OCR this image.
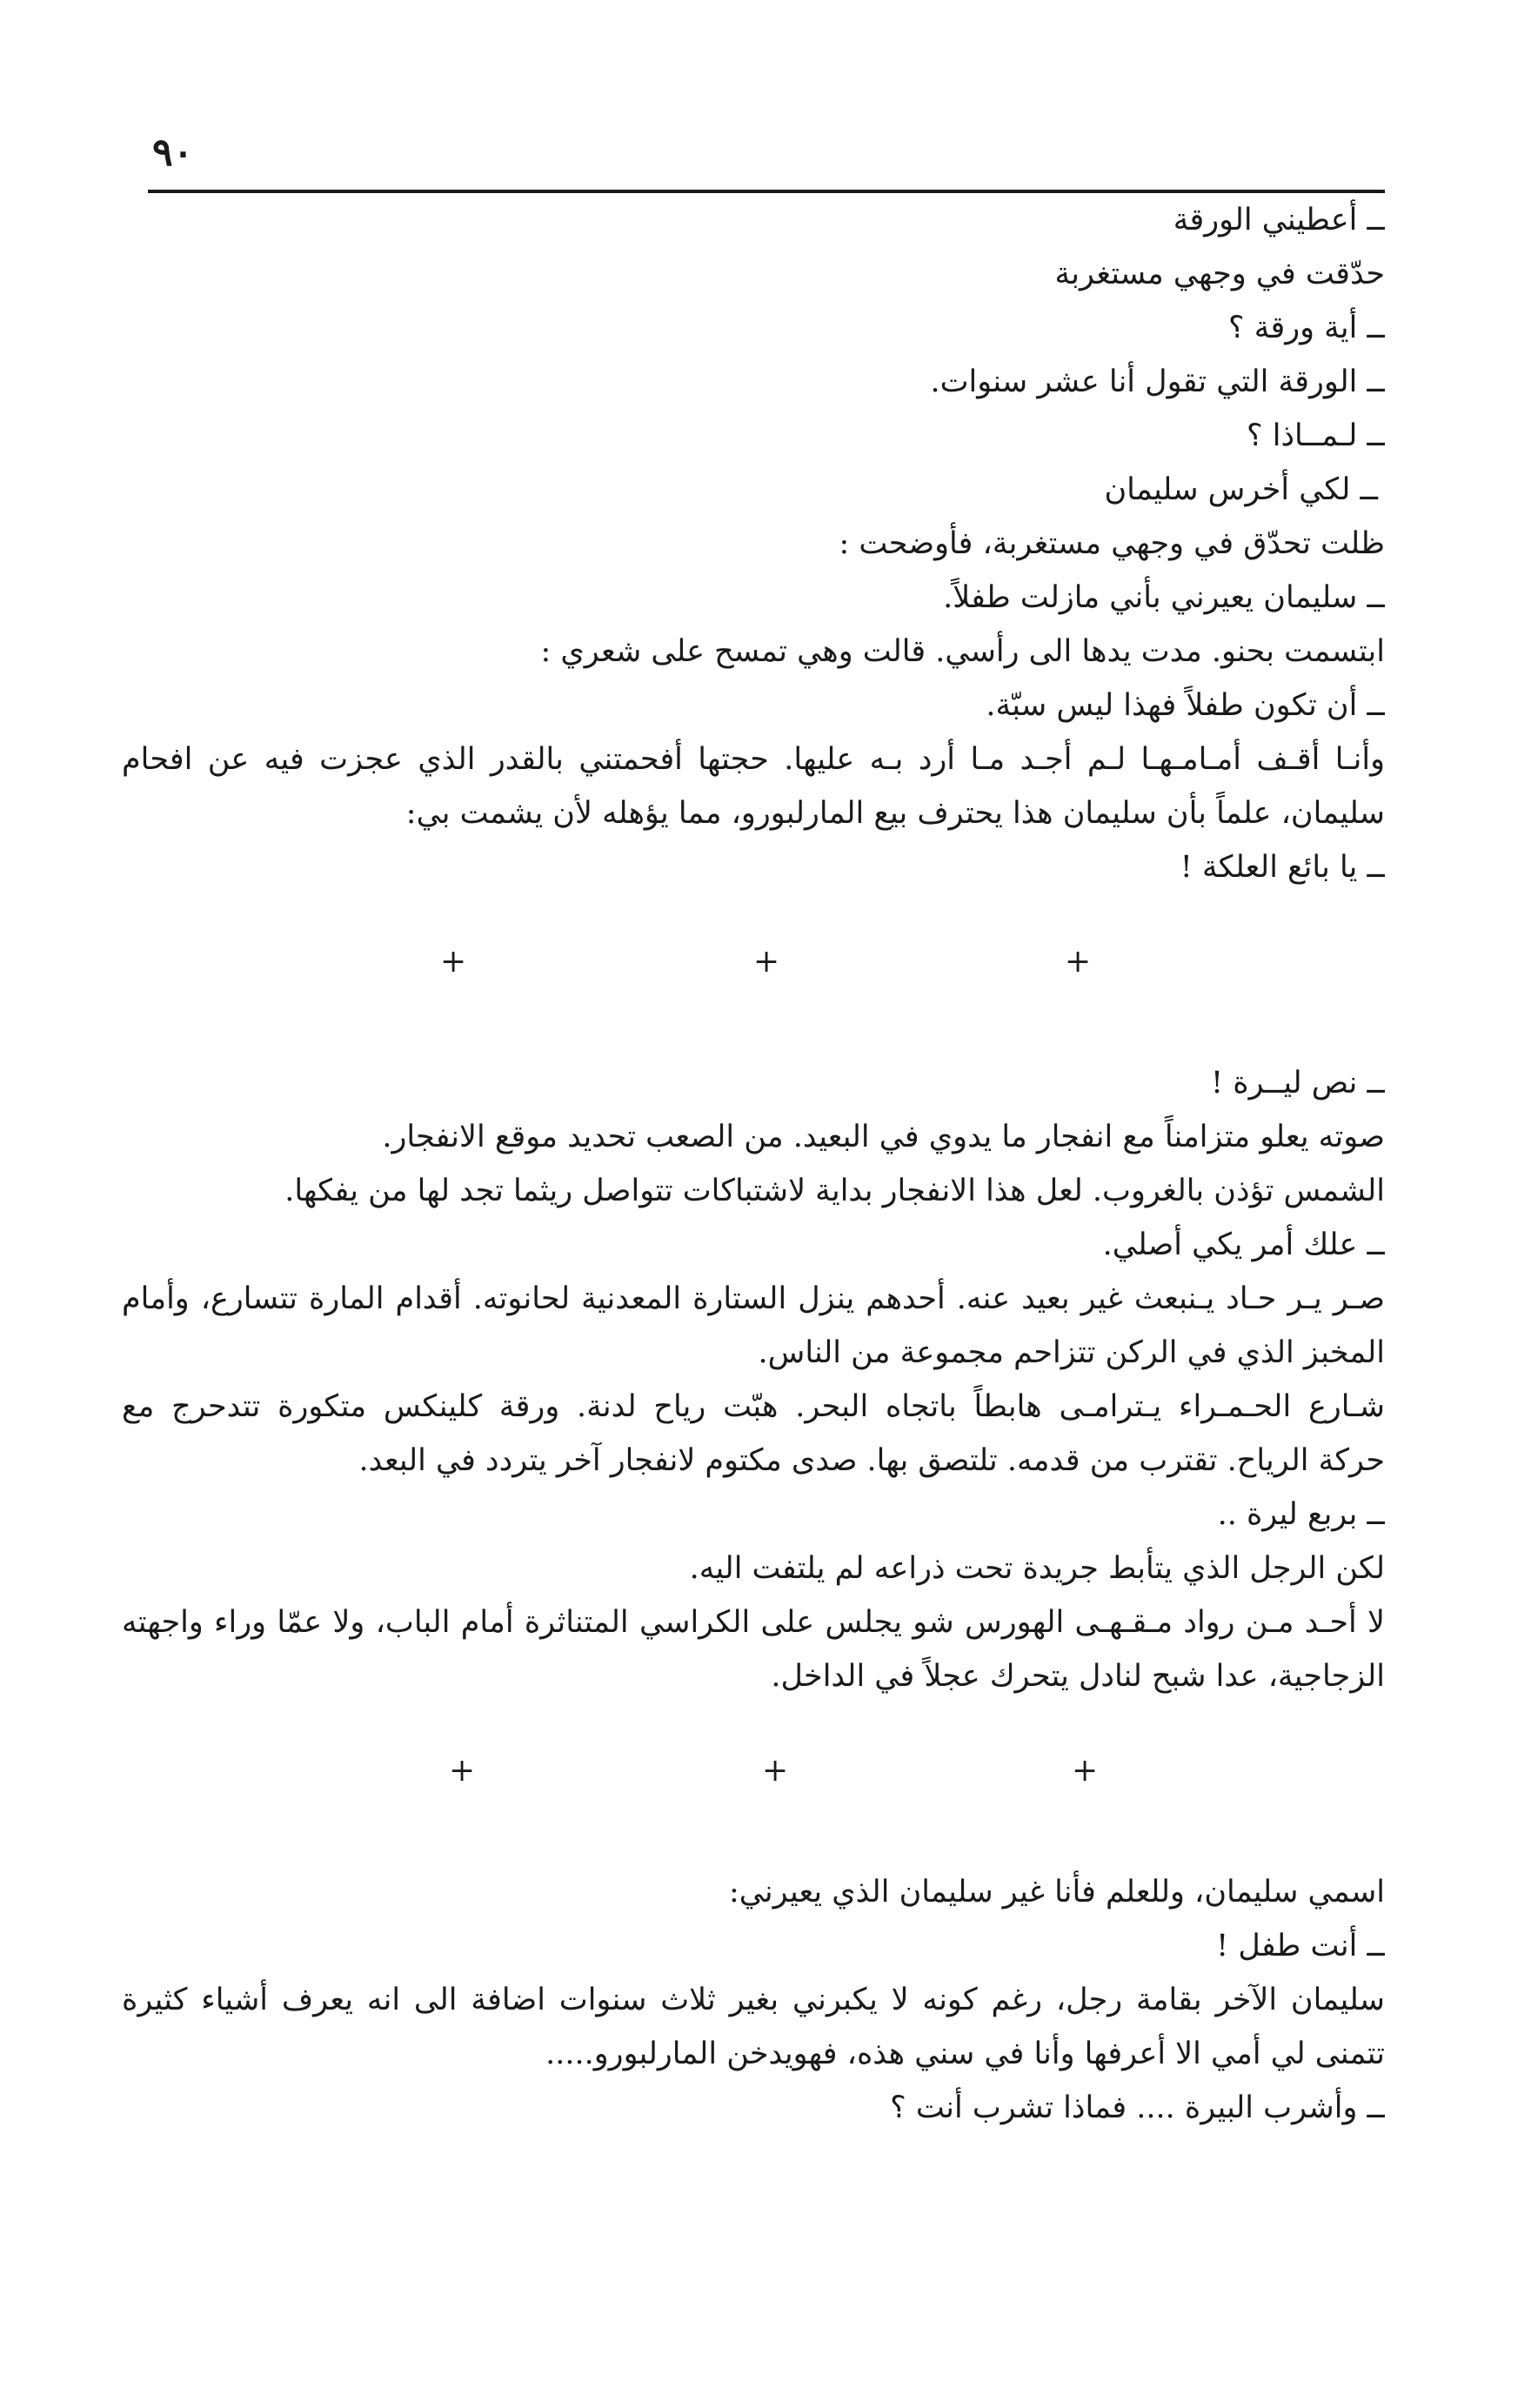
٩٠
ــ أعطيني الورقة
حدّقت في وجهي مستغربة
ــ أية ورقة ؟
ــ الورقة التي تقول أنا عشر سنوات.
ــ لـمــاذا ؟
ــ لكي أخرس سليمان
ظلت تحدّق في وجهي مستغربة، فأوضحت :
ــ سليمان يعيرني بأني مازلت طفلاً.
ابتسمت بحنو. مدت يدها الى رأسي. قالت وهي تمسح على شعري :
ــ أن تكون طفلاً فهذا ليس سبّة.
وأنـا أقـف أمـامـهـا لـم أجـد مـا أرد بـه عليها. حجتها أفحمتني بالقدر الذي عجزت فيه عن افحام
سليمان، علماً بأن سليمان هذا يحترف بيع المارلبورو، مما يؤهله لأن يشمت بي:
ــ يا بائع العلكة !
+	+	+
ــ نص ليــرة !
صوته يعلو متزامناً مع انفجار ما يدوي في البعيد. من الصعب تحديد موقع الانفجار.
الشمس تؤذن بالغروب. لعل هذا الانفجار بداية لاشتباكات تتواصل ريثما تجد لها من يفكها.
ــ علك أمر يكي أصلي.
صـر يـر حـاد يـنبعث غير بعيد عنه. أحدهم ينزل الستارة المعدنية لحانوته. أقدام المارة تتسارع، وأمام
المخبز الذي في الركن تتزاحم مجموعة من الناس.
شـارع الحـمـراء يـترامـى هابطاً باتجاه البحر. هبّت رياح لدنة. ورقة كلينكس متكورة تتدحرج مع
حركة الرياح. تقترب من قدمه. تلتصق بها. صدى مكتوم لانفجار آخر يتردد في البعد.
ــ بربع ليرة ..
لكن الرجل الذي يتأبط جريدة تحت ذراعه لم يلتفت اليه.
لا أحـد مـن رواد مـقـهـى الهورس شو يجلس على الكراسي المتناثرة أمام الباب، ولا عمّا وراء واجهته
الزجاجية، عدا شبح لنادل يتحرك عجلاً في الداخل.
+	+	+
اسمي سليمان، وللعلم فأنا غير سليمان الذي يعيرني:
ــ أنت طفل !
سليمان الآخر بقامة رجل، رغم كونه لا يكبرني بغير ثلاث سنوات اضافة الى انه يعرف أشياء كثيرة
تتمنى لي أمي الا أعرفها وأنا في سني هذه، فهويدخن المارلبورو.....
ــ وأشرب البيرة .... فماذا تشرب أنت ؟
